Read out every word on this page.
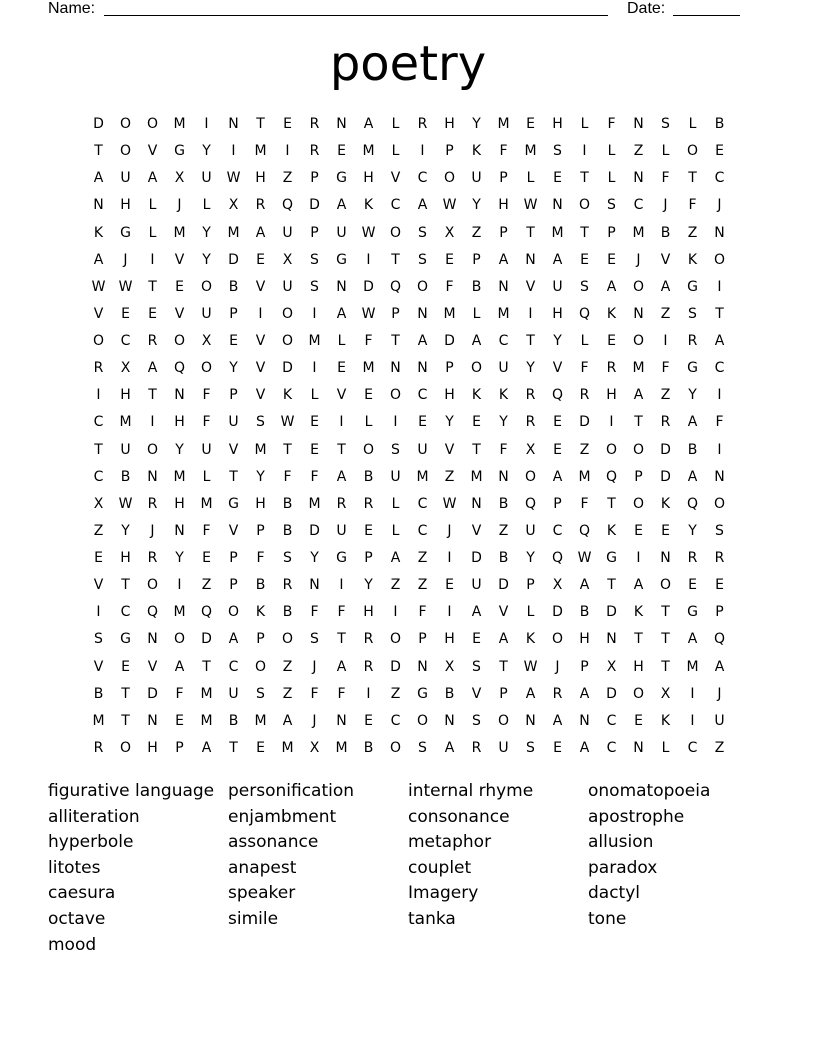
Name:	Date:
poetry
D	O	O	M	I	N	T	E	R	N	A	L	R	H	Y	M	E	H	L	F	N	S	L	B
T	O	V	G	Y	I	M	I	R	E	M	L	I	P	K	F	M	S	I	L	Z	L	O	E
A	U	A	X	U	W	H	Z	P	G	H	V	C	O	U	P	L	E	T	L	N	F	T	C
N	H	L	J	L	X	R	Q	D	A	K	C	A	W	Y	H	W	N	O	S	C	J	F	J
K	G	L	M	Y	M	A	U	P	U	W	O	S	X	Z	P	T	M	T	P	M	B	Z	N
A	J	I	V	Y	D	E	X	S	G	I	T	S	E	P	A	N	A	E	E	J	V	K	O
W W	T	E	O	B	V	U	S	N	D	Q	O	F	B	N	V	U	S	A	O	A	G	I
V	E	E	V	U	P	I	O	I	A	W	P	N	M	L	M	I	H	Q	K	N	Z	S	T
O	C	R	O	X	E	V	O	M	L	F	T	A	D	A	C	T	Y	L	E	O	I	R	A
R	X	A	Q	O	Y	V	D	I	E	M	N	N	P	O	U	Y	V	F	R	M	F	G	C
I	H	T	N	F	P	V	K	L	V	E	O	C	H	K	K	R	Q	R	H	A	Z	Y	I
C	M	I	H	F	U	S	W	E	I	L	I	E	Y	E	Y	R	E	D	I	T	R	A	F
T	U	O	Y	U	V	M	T	E	T	O	S	U	V	T	F	X	E	Z	O	O	D	B	I
C	B	N	M	L	T	Y	F	F	A	B	U	M	Z	M	N	O	A	M	Q	P	D	A	N
X	W	R	H	M	G	H	B	M	R	R	L	C	W	N	B	Q	P	F	T	O	K	Q	O
Z	Y	J	N	F	V	P	B	D	U	E	L	C	J	V	Z	U	C	Q	K	E	E	Y	S
E	H	R	Y	E	P	F	S	Y	G	P	A	Z	I	D	B	Y	Q	W	G	I	N	R	R
V	T	O	I	Z	P	B	R	N	I	Y	Z	Z	E	U	D	P	X	A	T	A	O	E	E
I	C	Q	M	Q	O	K	B	F	F	H	I	F	I	A	V	L	D	B	D	K	T	G	P
S	G	N	O	D	A	P	O	S	T	R	O	P	H	E	A	K	O	H	N	T	T	A	Q
V	E	V	A	T	C	O	Z	J	A	R	D	N	X	S	T	W	J	P	X	H	T	M	A
B	T	D	F	M	U	S	Z	F	F	I	Z	G	B	V	P	A	R	A	D	O	X	I	J
M	T	N	E	M	B	M	A	J	N	E	C	O	N	S	O	N	A	N	C	E	K	I	U
R	O	H	P	A	T	E	M	X	M	B	O	S	A	R	U	S	E	A	C	N	L	C	Z
figurative language
alliteration
hyperbole
litotes
caesura
octave
mood
personification
enjambment
assonance
anapest
speaker
simile
internal rhyme
consonance
metaphor
couplet
Imagery
tanka
onomatopoeia
apostrophe
allusion
paradox
dactyl
tone
